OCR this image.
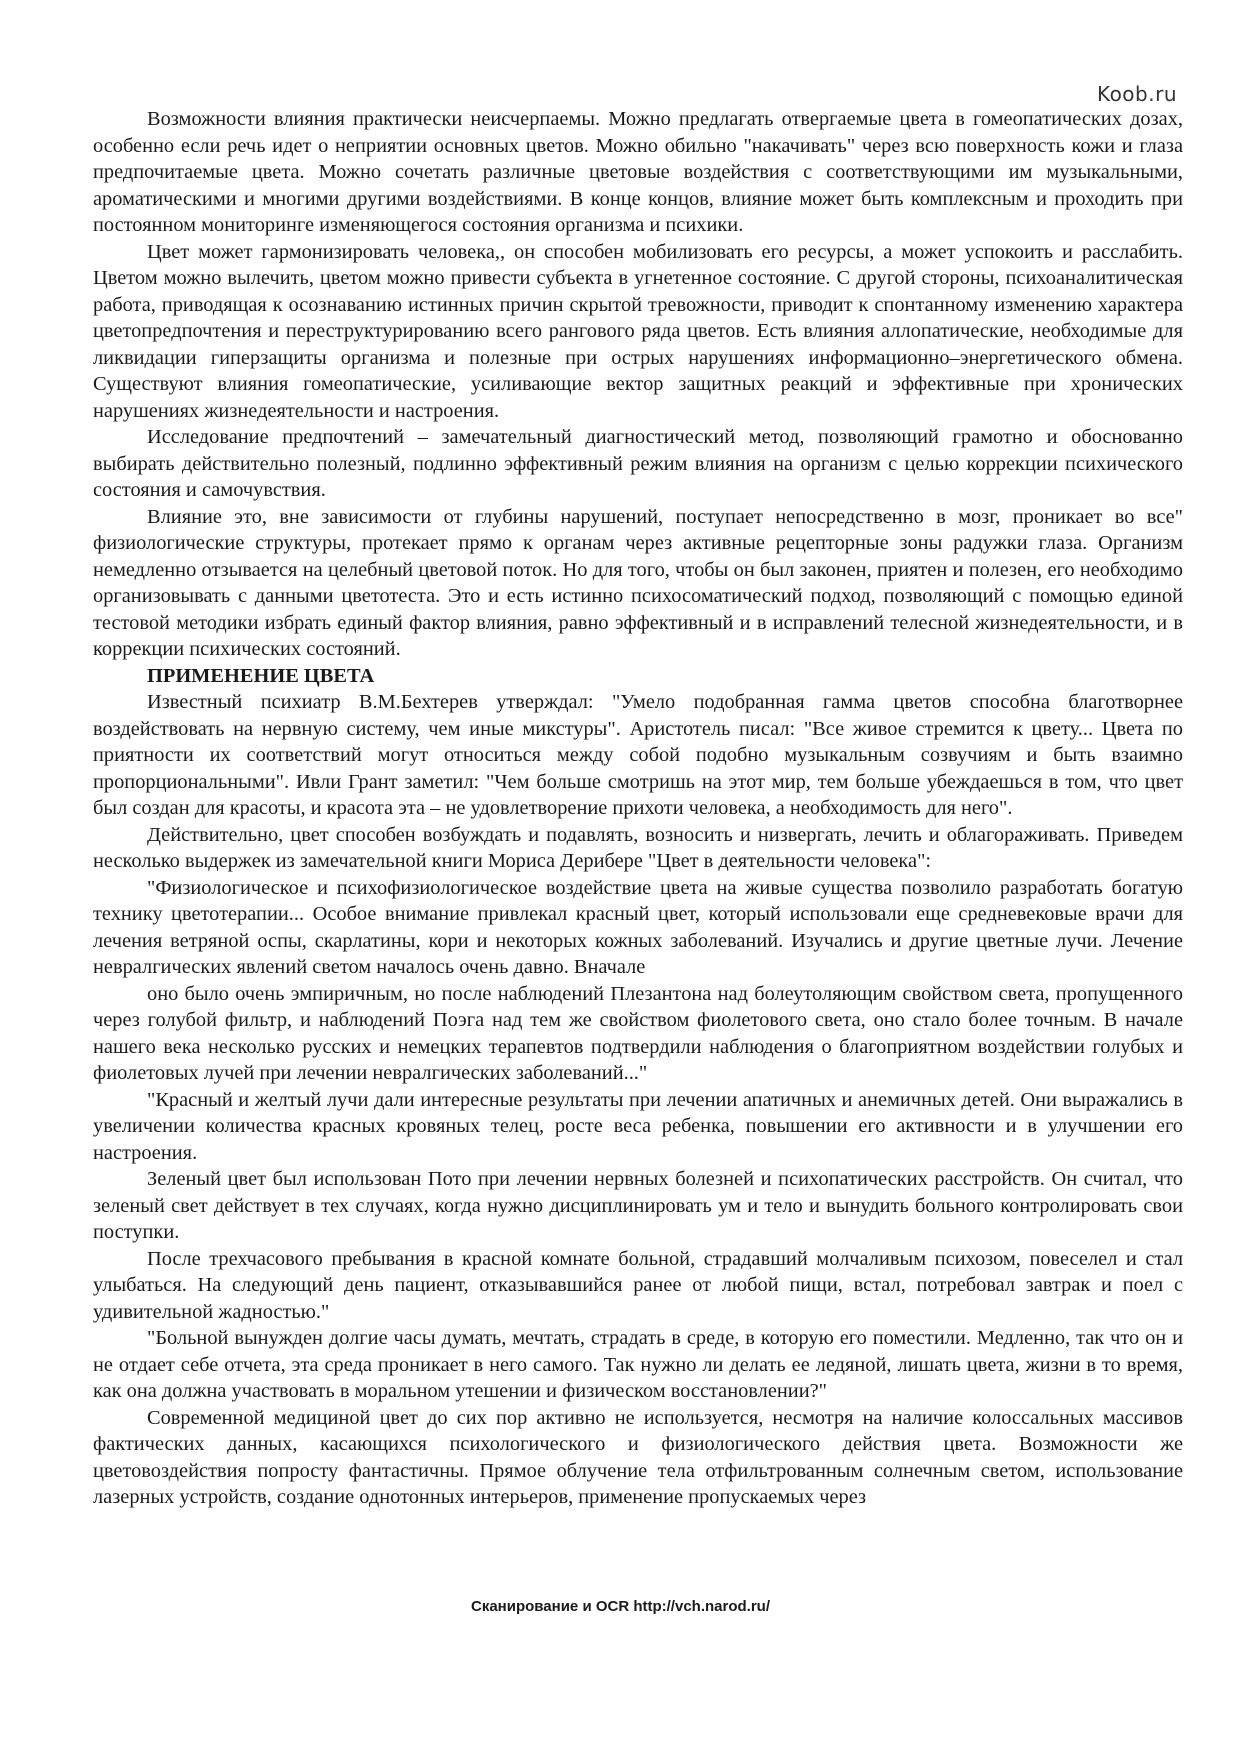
Koob.ru

Возможности влияния практически неисчерпаемы. Можно предлагать отвергаемые цвета в гомеопатических дозах, особенно если речь идет о неприятии основных цветов. Можно обильно "накачивать" через всю поверхность кожи и глаза предпочитаемые цвета. Можно сочетать различные цветовые воздействия с соответствующими им музыкальными, ароматическими и многими другими воздействиями. В конце концов, влияние может быть комплексным и проходить при постоянном мониторинге изменяющегося состояния организма и психики.

Цвет может гармонизировать человека,, он способен мобилизовать его ресурсы, а может успокоить и расслабить. Цветом можно вылечить, цветом можно привести субъекта в угнетенное состояние. С другой стороны, психоаналитическая работа, приводящая к осознаванию истинных причин скрытой тревожности, приводит к спонтанному изменению характера цветопредпочтения и переструктурированию всего рангового ряда цветов. Есть влияния аллопатические, необходимые для ликвидации гиперзащиты организма и полезные при острых нарушениях информационно–энергетического обмена. Существуют влияния гомеопатические, усиливающие вектор защитных реакций и эффективные при хронических нарушениях жизнедеятельности и настроения.

Исследование предпочтений – замечательный диагностический метод, позволяющий грамотно и обоснованно выбирать действительно полезный, подлинно эффективный режим влияния на организм с целью коррекции психического состояния и самочувствия.

Влияние это, вне зависимости от глубины нарушений, поступает непосредственно в мозг, проникает во все" физиологические структуры, протекает прямо к органам через активные рецепторные зоны радужки глаза. Организм немедленно отзывается на целебный цветовой поток. Но для того, чтобы он был законен, приятен и полезен, его необходимо организовывать с данными цветотеста. Это и есть истинно психосоматический подход, позволяющий с помощью единой тестовой методики избрать единый фактор влияния, равно эффективный и в исправлений телесной жизнедеятельности, и в коррекции психических состояний.

ПРИМЕНЕНИЕ ЦВЕТА

Известный психиатр В.М.Бехтерев утверждал: "Умело подобранная гамма цветов способна благотворнее воздействовать на нервную систему, чем иные микстуры". Аристотель писал: "Все живое стремится к цвету... Цвета по приятности их соответствий могут относиться между собой подобно музыкальным созвучиям и быть взаимно пропорциональными". Ивли Грант заметил: "Чем больше смотришь на этот мир, тем больше убеждаешься в том, что цвет был создан для красоты, и красота эта – не удовлетворение прихоти человека, а необходимость для него".

Действительно, цвет способен возбуждать и подавлять, возносить и низвергать, лечить и облагораживать. Приведем несколько выдержек из замечательной книги Мориса Дерибере "Цвет в деятельности человека":

"Физиологическое и психофизиологическое воздействие цвета на живые существа позволило разработать богатую технику цветотерапии... Особое внимание привлекал красный цвет, который использовали еще средневековые врачи для лечения ветряной оспы, скарлатины, кори и некоторых кожных заболеваний. Изучались и другие цветные лучи. Лечение невралгических явлений светом началось очень давно. Вначале

оно было очень эмпиричным, но после наблюдений Плезантона над болеутоляющим свойством света, пропущенного через голубой фильтр, и наблюдений Поэга над тем же свойством фиолетового света, оно стало более точным. В начале нашего века несколько русских и немецких терапевтов подтвердили наблюдения о благоприятном воздействии голубых и фиолетовых лучей при лечении невралгических заболеваний..."

"Красный и желтый лучи дали интересные результаты при лечении апатичных и анемичных детей. Они выражались в увеличении количества красных кровяных телец, росте веса ребенка, повышении его активности и в улучшении его настроения.

Зеленый цвет был использован Пото при лечении нервных болезней и психопатических расстройств. Он считал, что зеленый свет действует в тех случаях, когда нужно дисциплинировать ум и тело и вынудить больного контролировать свои поступки.

После трехчасового пребывания в красной комнате больной, страдавший молчаливым психозом, повеселел и стал улыбаться. На следующий день пациент, отказывавшийся ранее от любой пищи, встал, потребовал завтрак и поел с удивительной жадностью."

"Больной вынужден долгие часы думать, мечтать, страдать в среде, в которую его поместили. Медленно, так что он и не отдает себе отчета, эта среда проникает в него самого. Так нужно ли делать ее ледяной, лишать цвета, жизни в то время, как она должна участвовать в моральном утешении и физическом восстановлении?"

Современной медициной цвет до сих пор активно не используется, несмотря на наличие колоссальных массивов фактических данных, касающихся психологического и физиологического действия цвета. Возможности же цветовоздействия попросту фантастичны. Прямое облучение тела отфильтрованным солнечным светом, использование лазерных устройств, создание однотонных интерьеров, применение пропускаемых через

Сканирование и OCR http://vch.narod.ru/
